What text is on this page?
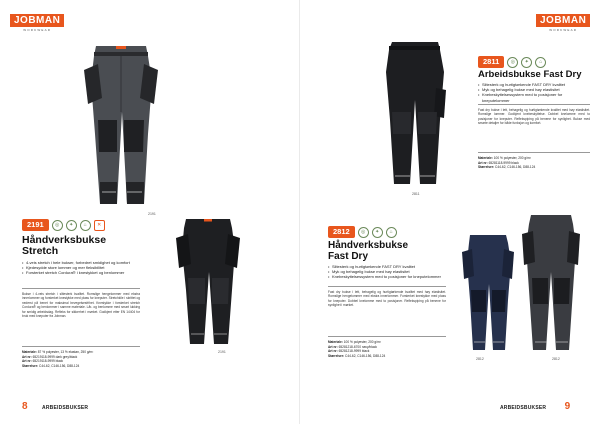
JOBMAN
WORKWEAR
2191
2191
2191	◎	✦	⌂	✕
Håndverksbukse
Stretch
• 4-veis stretch i hele bukser, forbedret smidighet og komfort
• Kjedesydde store lommer og mer fleksibilitet
• Forsterket stretch Cordura® i knestykket og benlommer

Bukse i 4-veis stretch i slitesterk kvalitet. Romslige hengelommer med ekstra innerlommer og forsterket knestykke med plass for kneputer. Stretchkile i skrittet og nederst på benet for maksimal bevegelsesfrihet. Knestykke i forsterket stretch Cordura® og benlommer i samme materiale. Lår- og benlomme med smart lukking for smidig arbeidsdag. Refleks for sikkerhet i mørket. Godkjent etter EN 14404 for bruk med kneputer fra Jobman.

Materiale: 87 % polyester, 13 % elastan, 250 g/m²
Art nr: 65219118-9999 dark grey/black
Art nr: 65219118-9999 black
Størrelser: C44-62, C146-156, D88-124
8	ARBEIDSBUKSER
JOBMAN
WORKWEAR
2811
2811	◎	✦	⌂
Arbeidsbukse Fast Dry
• Slitesterk og hurtigtørkende FAST DRY kvalitet
• Myk og behagelig bukse med høy elastisitet
• Knebeskyttelsessystem med to posisjoner for kneputelommer

Fast dry bukse i lett, behagelig og hurtigtørkende kvalitet med høy elastisitet. Romslige lommer. Godkjent knebeskyttelse. Dobbel knelomme med to posisjoner for kneputer. Reflekspiping på benene for synlighet. Bukse med smarte detaljer for både funksjon og komfort.

Materiale: 100 % polyester, 200 g/m²
Art nr: 65281118-9999 black
Størrelser: C44-62, C146-156, D88-124
2812	◎	✦	⌂
Håndverksbukse
Fast Dry
• Slitesterk og hurtigtørkende FAST DRY kvalitet
• Myk og behagelig bukse med høy elastisitet
• Knebeskyttelsessystem med to posisjoner for kneputelommer

Fast dry bukse i lett, behagelig og hurtigtørkende kvalitet med høy elastisitet. Romslige hengelommer med ekstra innerlommer. Forsterket knestykke med plass for kneputer. Dobbel knelomme med to posisjoner. Reflekspiping på benene for synlighet i mørket.

Materiale: 100 % polyester, 200 g/m²
Art nr: 65281218-6700 navy/black
Art nr: 65281218-9999 black
Størrelser: C44-62, C146-156, D88-124
2812	2812
ARBEIDSBUKSER 9
